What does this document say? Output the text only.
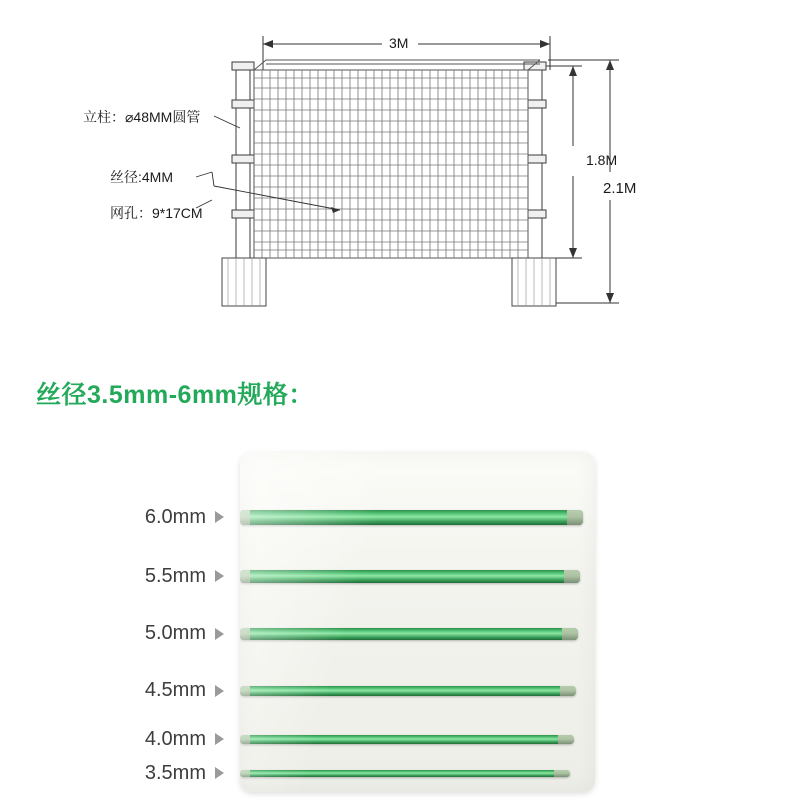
立柱：⌀48MM圆管
丝径:4MM
网孔：9*17CM
3M
1.8M
2.1M
丝径3.5mm-6mm规格：
6.0mm
5.5mm
5.0mm
4.5mm
4.0mm
3.5mm
